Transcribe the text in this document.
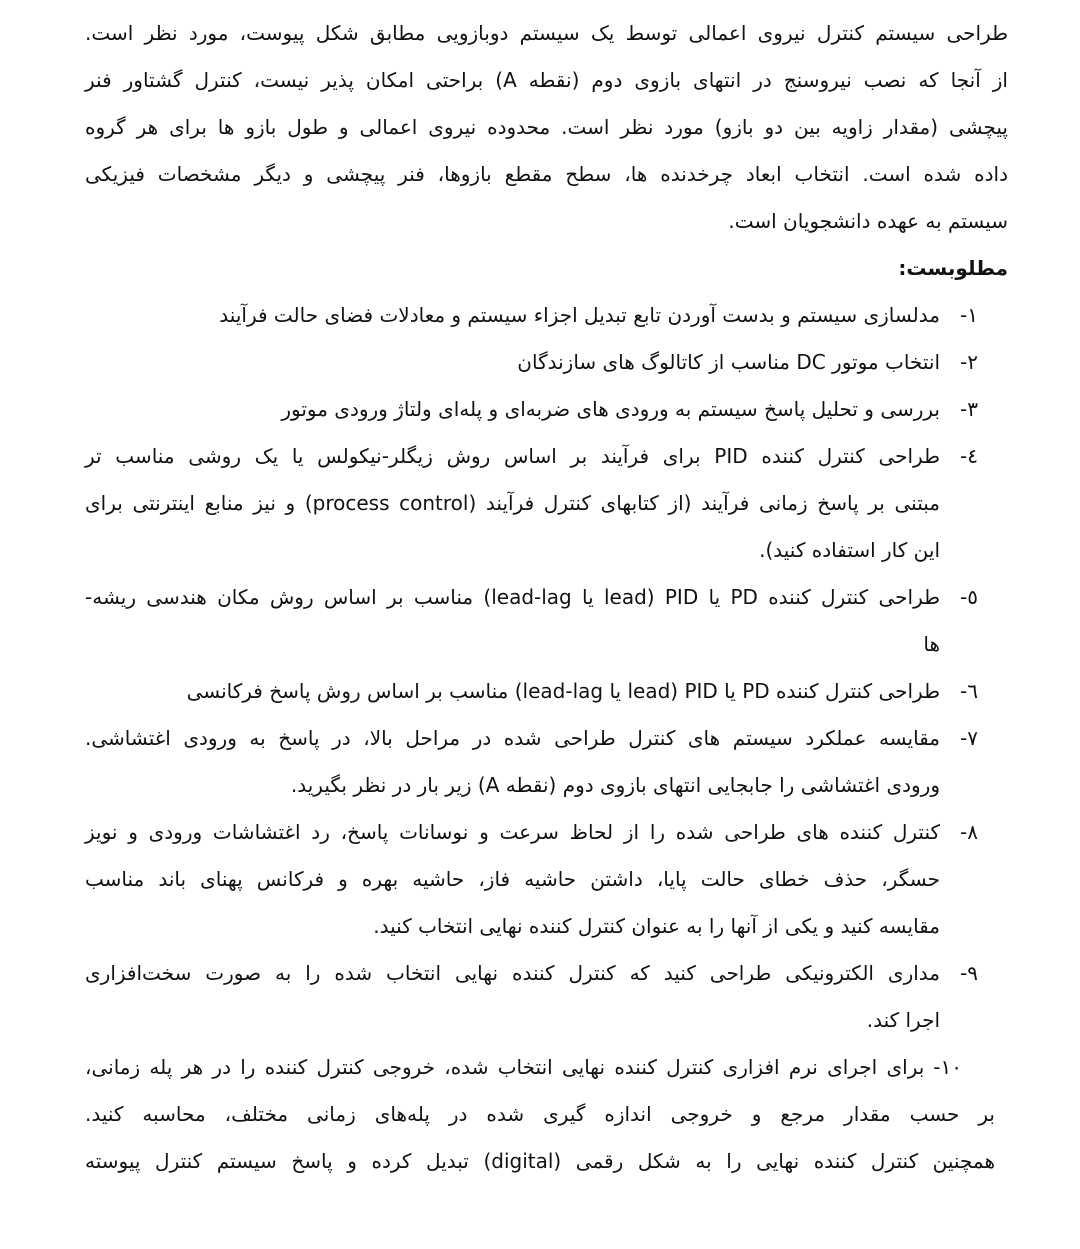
طراحی سیستم کنترل نیروی اعمالی توسط یک سیستم دوبازویی مطابق شکل پیوست، مورد نظر است.
از آنجا که نصب نیروسنج در انتهای بازوی دوم (نقطه A) براحتی امکان پذیر نیست، کنترل گشتاور فنر
پیچشی (مقدار زاویه بین دو بازو) مورد نظر است. محدوده نیروی اعمالی و طول بازو ها برای هر گروه
داده شده است. انتخاب ابعاد چرخدنده ها، سطح مقطع بازوها، فنر پیچشی و دیگر مشخصات فیزیکی
سیستم به عهده دانشجویان است.
مطلوبست:
۱-
مدلسازی سیستم و بدست آوردن تابع تبدیل اجزاء سیستم و معادلات فضای حالت فرآیند
۲-
انتخاب موتور DC مناسب از کاتالوگ های سازندگان
۳-
بررسی و تحلیل پاسخ سیستم به ورودی های ضربه‌ای و پله‌ای ولتاژ ورودی موتور
٤-
طراحی کنترل کننده PID برای فرآیند بر اساس روش زیگلر-نیکولس یا یک روشی مناسب تر
مبتنی بر پاسخ زمانی فرآیند (از کتابهای کنترل فرآیند (process control) و نیز منابع اینترنتی برای
این کار استفاده کنید).
٥-
طراحی کنترل کننده PD یا PID (lead یا lead-lag) مناسب بر اساس روش مکان هندسی ریشه-
ها
٦-
طراحی کنترل کننده PD یا PID (lead یا lead-lag) مناسب بر اساس روش پاسخ فرکانسی
۷-
مقایسه عملکرد سیستم های کنترل طراحی شده در مراحل بالا، در پاسخ به ورودی اغتشاشی.
ورودی اغتشاشی را جابجایی انتهای بازوی دوم (نقطه A) زیر بار در نظر بگیرید.
۸-
کنترل کننده های طراحی شده را از لحاظ سرعت و نوسانات پاسخ، رد اغتشاشات ورودی و نویز
حسگر، حذف خطای حالت پایا، داشتن حاشیه فاز، حاشیه بهره و فرکانس پهنای باند مناسب
مقایسه کنید و یکی از آنها را به عنوان کنترل کننده نهایی انتخاب کنید.
۹-
مداری الکترونیکی طراحی کنید که کنترل کننده نهایی انتخاب شده را به صورت سخت‌افزاری
اجرا کند.
۱۰-برای اجرای نرم افزاری کنترل کننده نهایی انتخاب شده، خروجی کنترل کننده را در هر پله زمانی،
بر حسب مقدار مرجع و خروجی اندازه گیری شده در پله‌های زمانی مختلف، محاسبه کنید.
همچنین کنترل کننده نهایی را به شکل رقمی (digital) تبدیل کرده و پاسخ سیستم کنترل پیوسته
